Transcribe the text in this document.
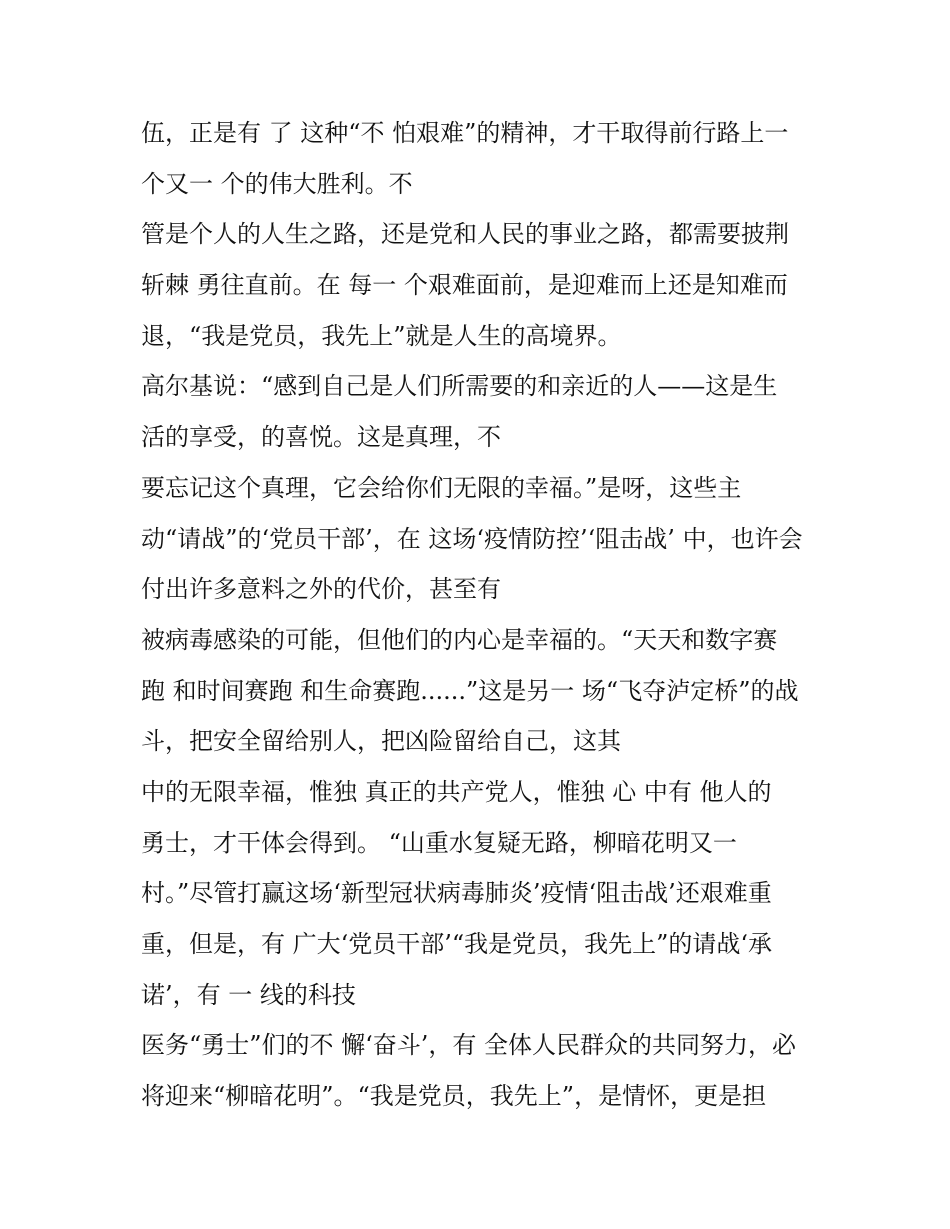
伍，正是有 了 这种“不 怕艰难”的精神，才干取得前行路上一
个又一 个的伟大胜利。不
管是个人的人生之路，还是党和人民的事业之路，都需要披荆
斩棘 勇往直前。在 每一 个艰难面前，是迎难而上还是知难而
退，“我是党员，我先上”就是人生的高境界。
高尔基说：“感到自己是人们所需要的和亲近的人——这是生
活的享受，的喜悦。这是真理，不
要忘记这个真理，它会给你们无限的幸福。”是呀，这些主
动“请战”的‘党员干部’，在 这场‘疫情防控’‘阻击战’ 中，也许会
付出许多意料之外的代价，甚至有
被病毒感染的可能，但他们的内心是幸福的。“天天和数字赛
跑 和时间赛跑 和生命赛跑......”这是另一 场“飞夺泸定桥”的战
斗，把安全留给别人，把凶险留给自己，这其
中的无限幸福，惟独 真正的共产党人，惟独 心 中有 他人的
勇士，才干体会得到。 “山重水复疑无路，柳暗花明又一
村。”尽管打赢这场‘新型冠状病毒肺炎’疫情‘阻击战’还艰难重
重，但是，有 广大‘党员干部’“我是党员，我先上”的请战‘承
诺’，有 一 线的科技
医务“勇士”们的不 懈‘奋斗’，有 全体人民群众的共同努力，必
将迎来“柳暗花明”。“我是党员，我先上”，是情怀，更是担
